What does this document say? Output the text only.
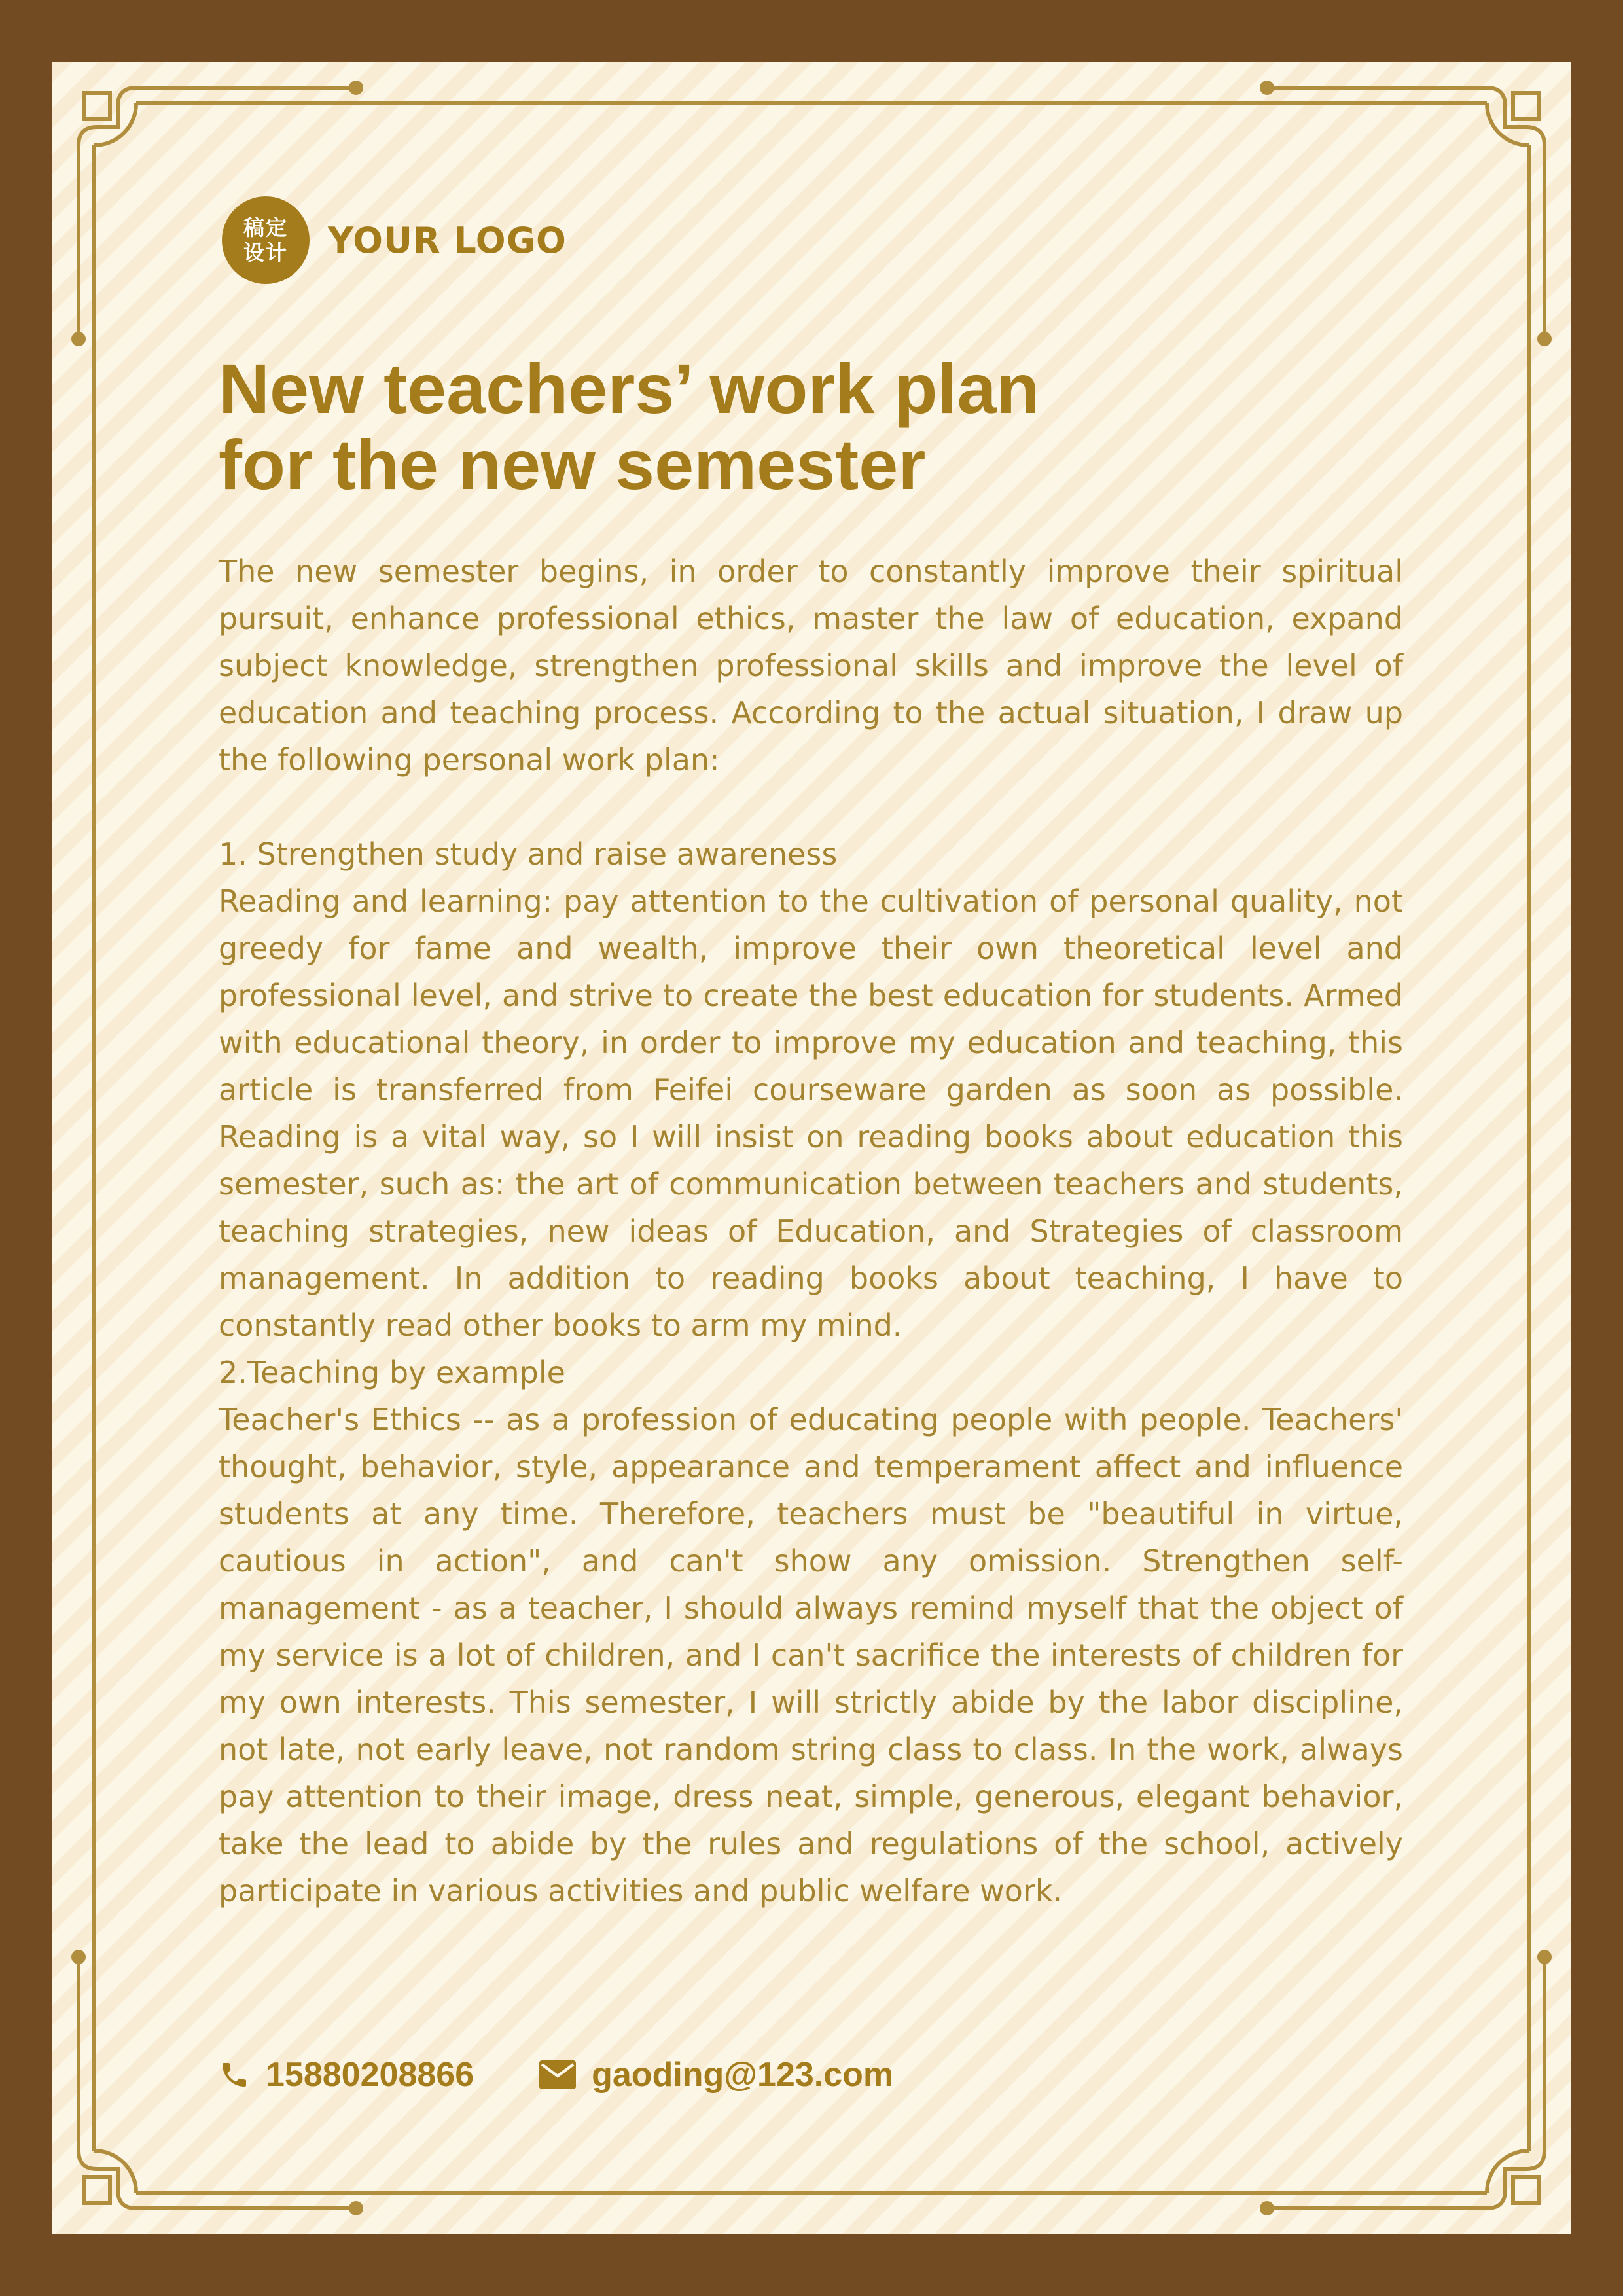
稿定
设计 YOUR LOGO
New teachers’ work plan
for the new semester

The new semester begins, in order to constantly improve their spiritual pursuit, enhance professional ethics, master the law of education, expand subject knowledge, strengthen professional skills and improve the level of education and teaching process. According to the actual situation, I draw up the following personal work plan:

1. Strengthen study and raise awareness

Reading and learning: pay attention to the cultivation of personal quality, not greedy for fame and wealth, improve their own theoretical level and professional level, and strive to create the best education for students. Armed with educational theory, in order to improve my education and teaching, this article is transferred from Feifei courseware garden as soon as possible. Reading is a vital way, so I will insist on reading books about education this semester, such as: the art of communication between teachers and students, teaching strategies, new ideas of Education, and Strategies of classroom management. In addition to reading books about teaching, I have to constantly read other books to arm my mind.

2.Teaching by example

Teacher's Ethics -- as a profession of educating people with people. Teachers' thought, behavior, style, appearance and temperament affect and influence students at any time. Therefore, teachers must be "beautiful in virtue, cautious in action", and can't show any omission. Strengthen self-management - as a teacher, I should always remind myself that the object of my service is a lot of children, and I can't sacrifice the interests of children for my own interests. This semester, I will strictly abide by the labor discipline, not late, not early leave, not random string class to class. In the work, always pay attention to their image, dress neat, simple, generous, elegant behavior, take the lead to abide by the rules and regulations of the school, actively participate in various activities and public welfare work.

15880208866	gaoding@123.com
